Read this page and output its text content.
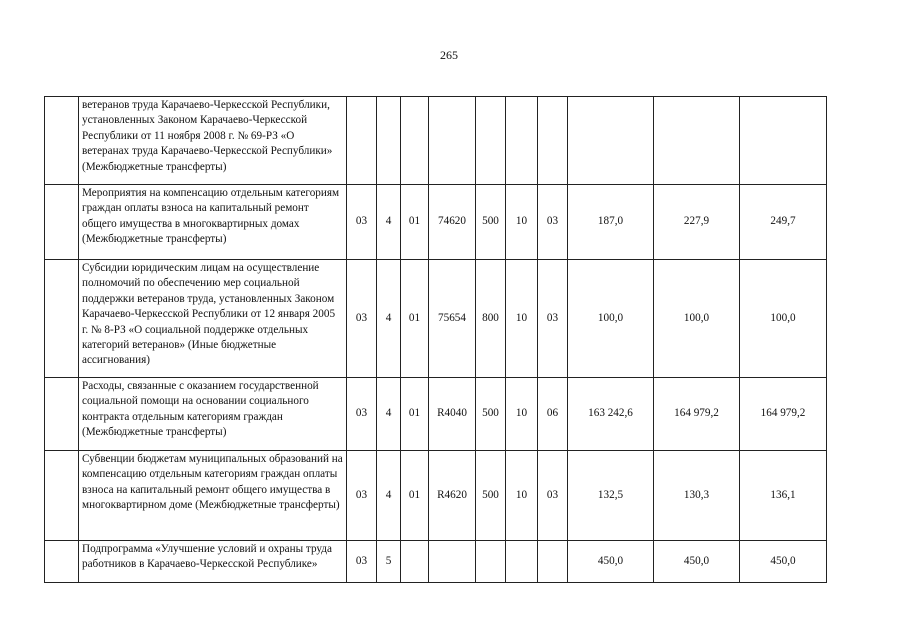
265
	ветеранов труда Карачаево-Черкесской Республики, установленных Законом Карачаево-Черкесской Республики от 11 ноября 2008 г. № 69-РЗ «О ветеранах труда Карачаево-Черкесской Республики» (Межбюджетные трансферты)										
	Мероприятия на компенсацию отдельным категориям граждан оплаты взноса на капитальный ремонт общего имущества в многоквартирных домах (Межбюджетные трансферты)	03	4	01	74620	500	10	03	187,0	227,9	249,7
	Субсидии юридическим лицам на осуществление полномочий по обеспечению мер социальной поддержки ветеранов труда, установленных Законом Карачаево-Черкесской Республики от 12 января 2005 г. № 8-РЗ «О социальной поддержке отдельных категорий ветеранов» (Иные бюджетные ассигнования)	03	4	01	75654	800	10	03	100,0	100,0	100,0
	Расходы, связанные с оказанием государственной социальной помощи на основании социального контракта отдельным категориям граждан (Межбюджетные трансферты)	03	4	01	R4040	500	10	06	163 242,6	164 979,2	164 979,2
	Субвенции бюджетам муниципальных образований на компенсацию отдельным категориям граждан оплаты взноса на капитальный ремонт общего имущества в многоквартирном доме (Межбюджетные трансферты)	03	4	01	R4620	500	10	03	132,5	130,3	136,1
	Подпрограмма «Улучшение условий и охраны труда работников в Карачаево-Черкесской Республике»	03	5						450,0	450,0	450,0
